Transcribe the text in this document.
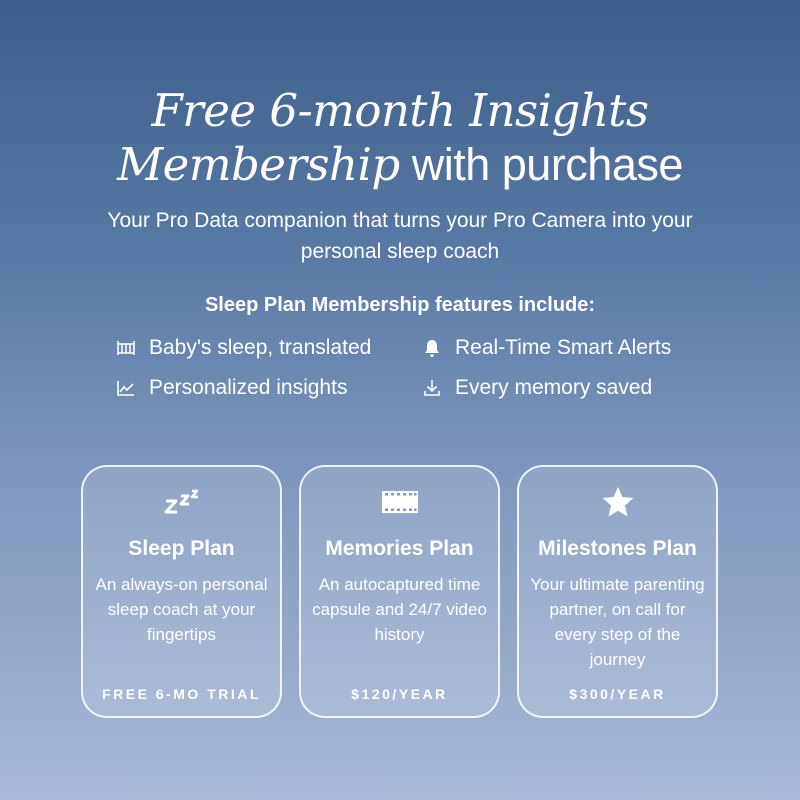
Free 6-month Insights
Membership with purchase
Your Pro Data companion that turns your Pro Camera into your personal sleep coach
Sleep Plan Membership features include:
Baby's sleep, translated	Real-Time Smart Alerts
Personalized insights	Every memory saved
Sleep Plan
An always-on personal sleep coach at your fingertips
FREE 6-MO TRIAL
Memories Plan
An autocaptured time capsule and 24/7 video history
$120/YEAR
Milestones Plan
Your ultimate parenting partner, on call for every step of the journey
$300/YEAR
